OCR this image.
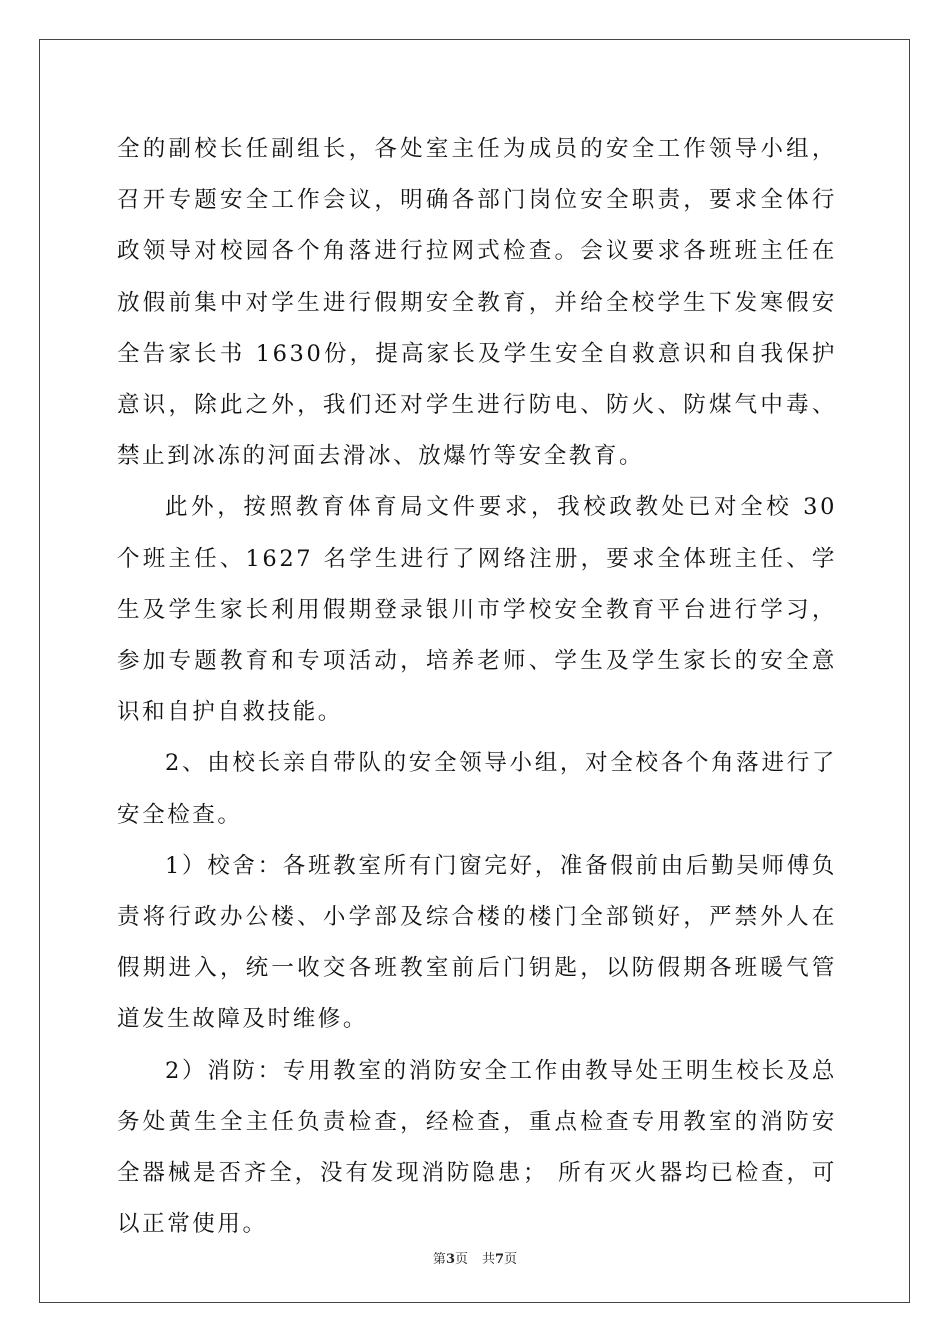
全的副校长任副组长，各处室主任为成员的安全工作领导小组，召开专题安全工作会议，明确各部门岗位安全职责，要求全体行政领导对校园各个角落进行拉网式检查。会议要求各班班主任在放假前集中对学生进行假期安全教育，并给全校学生下发寒假安全告家长书 1630份，提高家长及学生安全自救意识和自我保护意识，除此之外，我们还对学生进行防电、防火、防煤气中毒、禁止到冰冻的河面去滑冰、放爆竹等安全教育。

此外，按照教育体育局文件要求，我校政教处已对全校 30 个班主任、1627 名学生进行了网络注册，要求全体班主任、学生及学生家长利用假期登录银川市学校安全教育平台进行学习，参加专题教育和专项活动，培养老师、学生及学生家长的安全意识和自护自救技能。

2、由校长亲自带队的安全领导小组，对全校各个角落进行了安全检查。

1）校舍：各班教室所有门窗完好，准备假前由后勤吴师傅负责将行政办公楼、小学部及综合楼的楼门全部锁好，严禁外人在假期进入，统一收交各班教室前后门钥匙，以防假期各班暖气管道发生故障及时维修。

2）消防：专用教室的消防安全工作由教导处王明生校长及总务处黄生全主任负责检查，经检查，重点检查专用教室的消防安全器械是否齐全，没有发现消防隐患； 所有灭火器均已检查，可以正常使用。

第3页 共7页
